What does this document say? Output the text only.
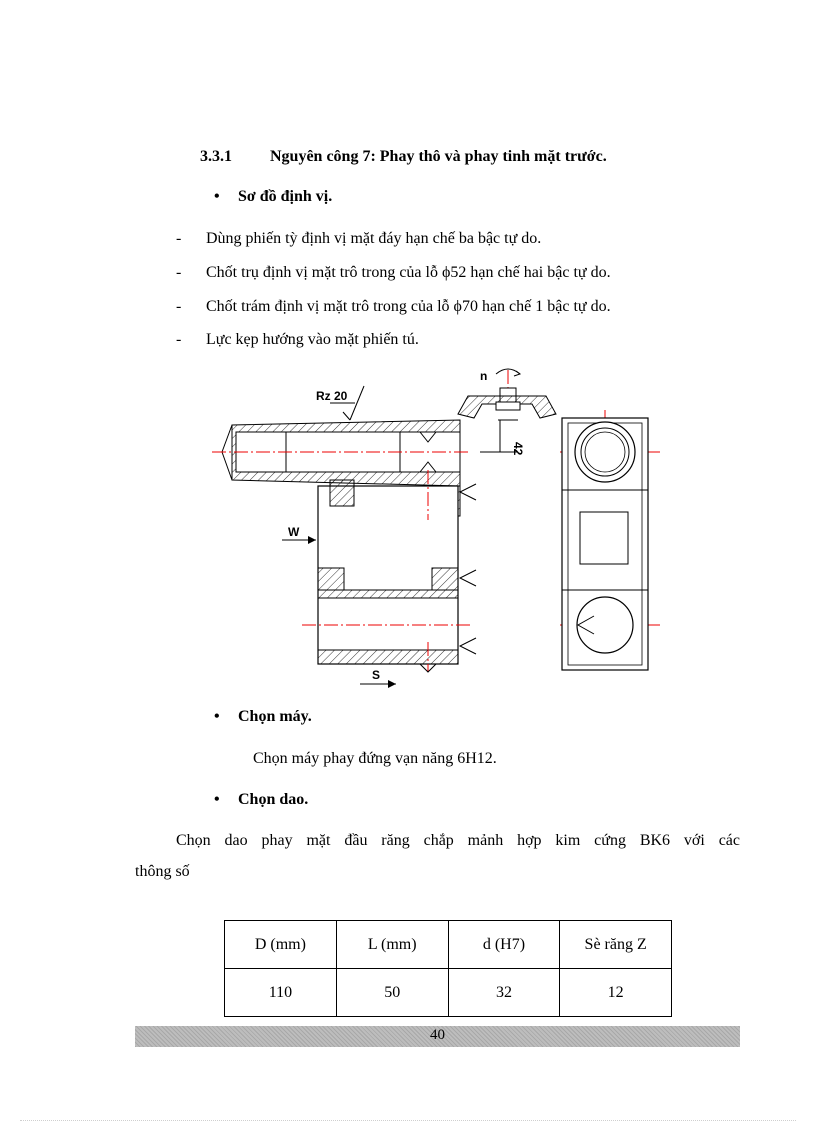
3.3.1 Nguyên công 7: Phay thô và phay tinh mặt trước.
• Sơ đồ định vị.
- Dùng phiến tỳ định vị mặt đáy hạn chế ba bậc tự do.
- Chốt trụ định vị mặt trô trong của lỗ ϕ52 hạn chế hai bậc tự do.
- Chốt trám định vị mặt trô trong của lỗ ϕ70 hạn chế 1 bậc tự do.
- Lực kẹp hướng vào mặt phiến tú.
Rz 20
n
42
W
S
• Chọn máy.
Chọn máy phay đứng vạn năng 6H12.
• Chọn dao.
Chọn dao phay mặt đầu răng chắp mảnh hợp kim cứng BK6 với các
thông số
D (mm)	L (mm)	d (H7)	Sè răng Z
110	50	32	12
40
